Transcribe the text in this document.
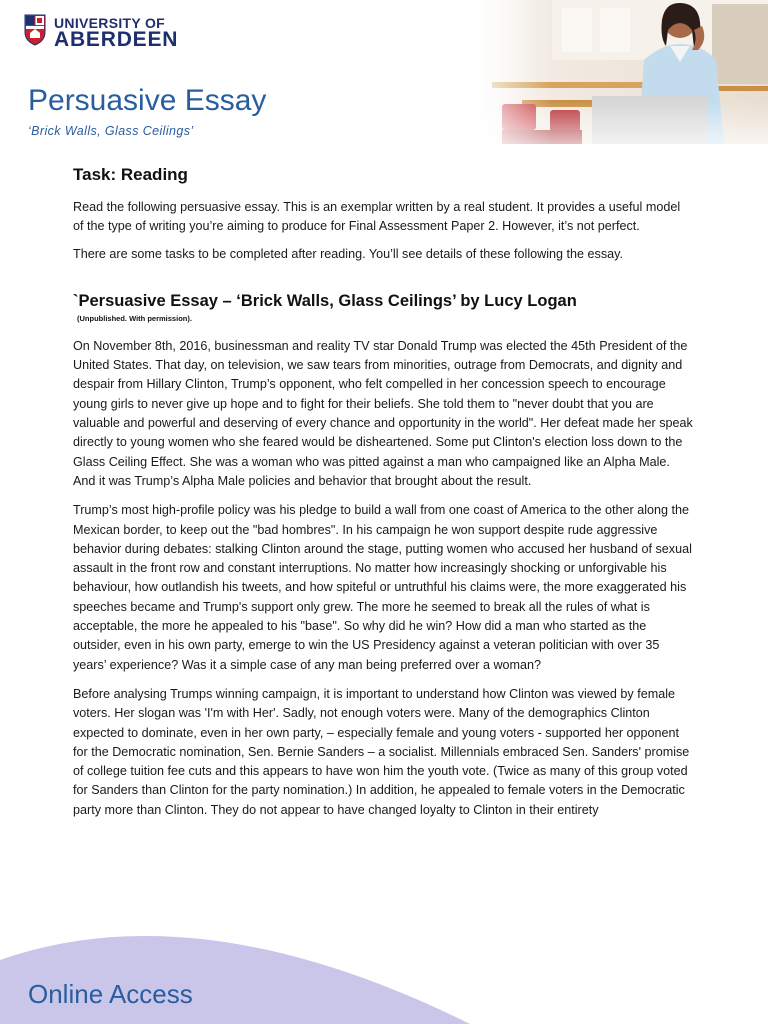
UNIVERSITY OF
ABERDEEN
Persuasive Essay
‘Brick Walls, Glass Ceilings’
Task: Reading

Read the following persuasive essay. This is an exemplar written by a real student. It provides a useful model of the type of writing you’re aiming to produce for Final Assessment Paper 2. However, it’s not perfect.

There are some tasks to be completed after reading. You’ll see details of these following the essay.

`Persuasive Essay – ‘Brick Walls, Glass Ceilings’ by Lucy Logan
(Unpublished. With permission).

On November 8th, 2016, businessman and reality TV star Donald Trump was elected the 45th President of the United States. That day, on television, we saw tears from minorities, outrage from Democrats, and dignity and despair from Hillary Clinton, Trump’s opponent, who felt compelled in her concession speech to encourage young girls to never give up hope and to fight for their beliefs. She told them to "never doubt that you are valuable and powerful and deserving of every chance and opportunity in the world". Her defeat made her speak directly to young women who she feared would be disheartened. Some put Clinton's election loss down to the Glass Ceiling Effect. She was a woman who was pitted against a man who campaigned like an Alpha Male. And it was Trump’s Alpha Male policies and behavior that brought about the result.

Trump’s most high-profile policy was his pledge to build a wall from one coast of America to the other along the Mexican border, to keep out the "bad hombres". In his campaign he won support despite rude aggressive behavior during debates: stalking Clinton around the stage, putting women who accused her husband of sexual assault in the front row and constant interruptions. No matter how increasingly shocking or unforgivable his behaviour, how outlandish his tweets, and how spiteful or untruthful his claims were, the more exaggerated his speeches became and Trump's support only grew. The more he seemed to break all the rules of what is acceptable, the more he appealed to his "base". So why did he win? How did a man who started as the outsider, even in his own party, emerge to win the US Presidency against a veteran politician with over 35 years’ experience? Was it a simple case of any man being preferred over a woman?

Before analysing Trumps winning campaign, it is important to understand how Clinton was viewed by female voters. Her slogan was 'I'm with Her'. Sadly, not enough voters were. Many of the demographics Clinton expected to dominate, even in her own party, – especially female and young voters - supported her opponent for the Democratic nomination, Sen. Bernie Sanders – a socialist. Millennials embraced Sen. Sanders' promise of college tuition fee cuts and this appears to have won him the youth vote. (Twice as many of this group voted for Sanders than Clinton for the party nomination.) In addition, he appealed to female voters in the Democratic party more than Clinton. They do not appear to have changed loyalty to Clinton in their entirety

Online Access
